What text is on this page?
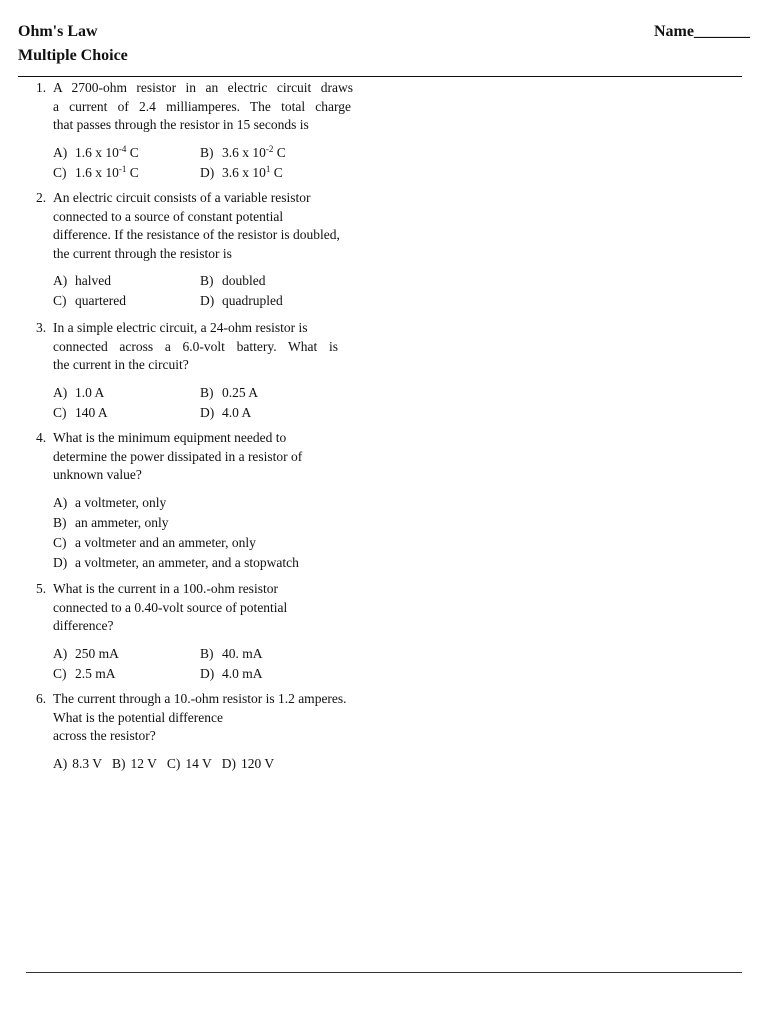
Ohm's Law
Multiple Choice
Name_______
1. A 2700-ohm resistor in an electric circuit draws
a current of 2.4 milliamperes. The total charge
that passes through the resistor in 15 seconds is
A) 1.6 x $10^{-4}$ C	B) 3.6 x $10^{-2}$ C
C) 1.6 x $10^{-1}$ C	D) 3.6 x $10^1$ C
2. An electric circuit consists of a variable resistor
connected to a source of constant potential
difference. If the resistance of the resistor is doubled,
the current through the resistor is
A) halved	B) doubled
C) quartered	D) quadrupled
3. In a simple electric circuit, a 24-ohm resistor is
connected across a 6.0-volt battery. What is
the current in the circuit?
A) 1.0 A	B) 0.25 A
C) 140 A	D) 4.0 A
4. What is the minimum equipment needed to
determine the power dissipated in a resistor of
unknown value?
A) a voltmeter, only
B) an ammeter, only
C) a voltmeter and an ammeter, only
D) a voltmeter, an ammeter, and a stopwatch
5. What is the current in a 100.-ohm resistor
connected to a 0.40-volt source of potential
difference?
A) 250 mA	B) 40. mA
C) 2.5 mA	D) 4.0 mA
6. The current through a 10.-ohm resistor is 1.2 amperes.
What is the potential difference
across the resistor?
A) 8.3 V B) 12 V C) 14 V D) 120 V
